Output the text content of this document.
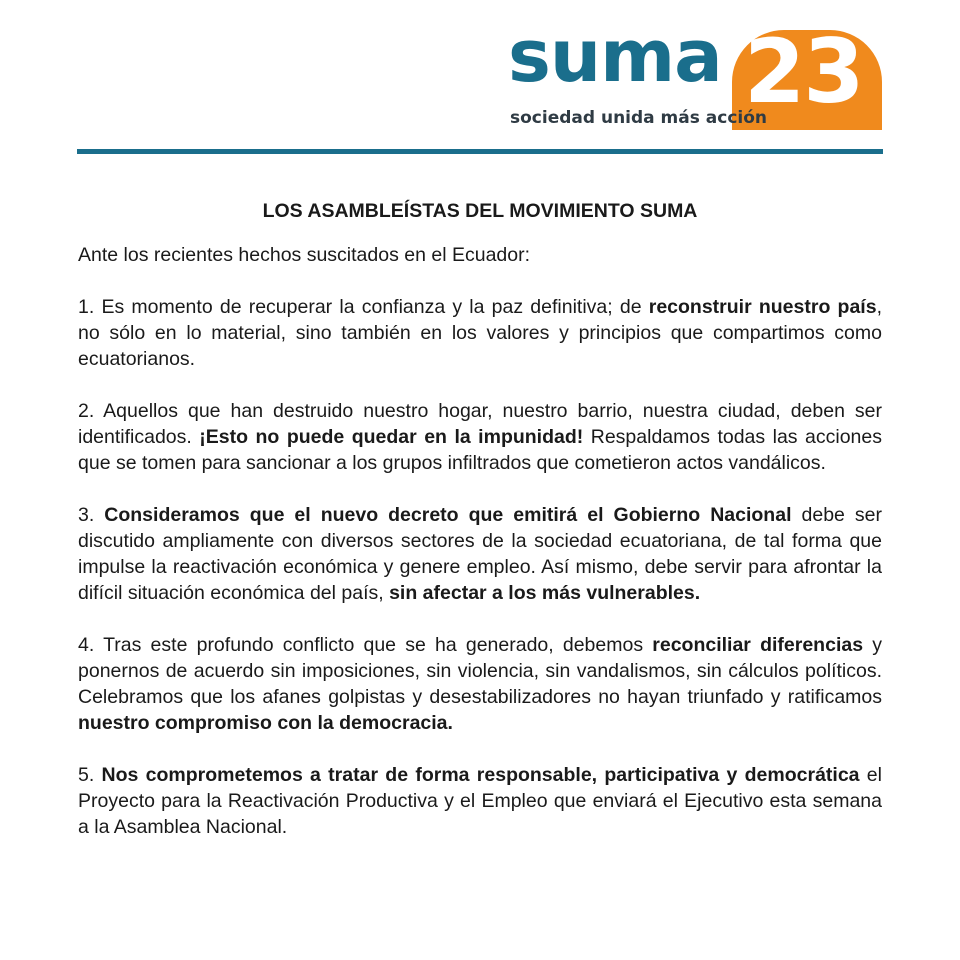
suma 23
sociedad unida más acción
LOS ASAMBLEÍSTAS DEL MOVIMIENTO SUMA
Ante los recientes hechos suscitados en el Ecuador:
1. Es momento de recuperar la confianza y la paz definitiva; de reconstruir nuestro país, no sólo en lo material, sino también en los valores y principios que compartimos como ecuatorianos.
2. Aquellos que han destruido nuestro hogar, nuestro barrio, nuestra ciudad, deben ser identificados. ¡Esto no puede quedar en la impunidad! Respaldamos todas las acciones que se tomen para sancionar a los grupos infiltrados que cometieron actos vandálicos.
3. Consideramos que el nuevo decreto que emitirá el Gobierno Nacional debe ser discutido ampliamente con diversos sectores de la sociedad ecuatoriana, de tal forma que impulse la reactivación económica y genere empleo. Así mismo, debe servir para afrontar la difícil situación económica del país, sin afectar a los más vulnerables.
4. Tras este profundo conflicto que se ha generado, debemos reconciliar diferencias y ponernos de acuerdo sin imposiciones, sin violencia, sin vandalismos, sin cálculos políticos. Celebramos que los afanes golpistas y desestabilizadores no hayan triunfado y ratificamos nuestro compromiso con la democracia.
5. Nos comprometemos a tratar de forma responsable, participativa y democrática el Proyecto para la Reactivación Productiva y el Empleo que enviará el Ejecutivo esta semana a la Asamblea Nacional.
